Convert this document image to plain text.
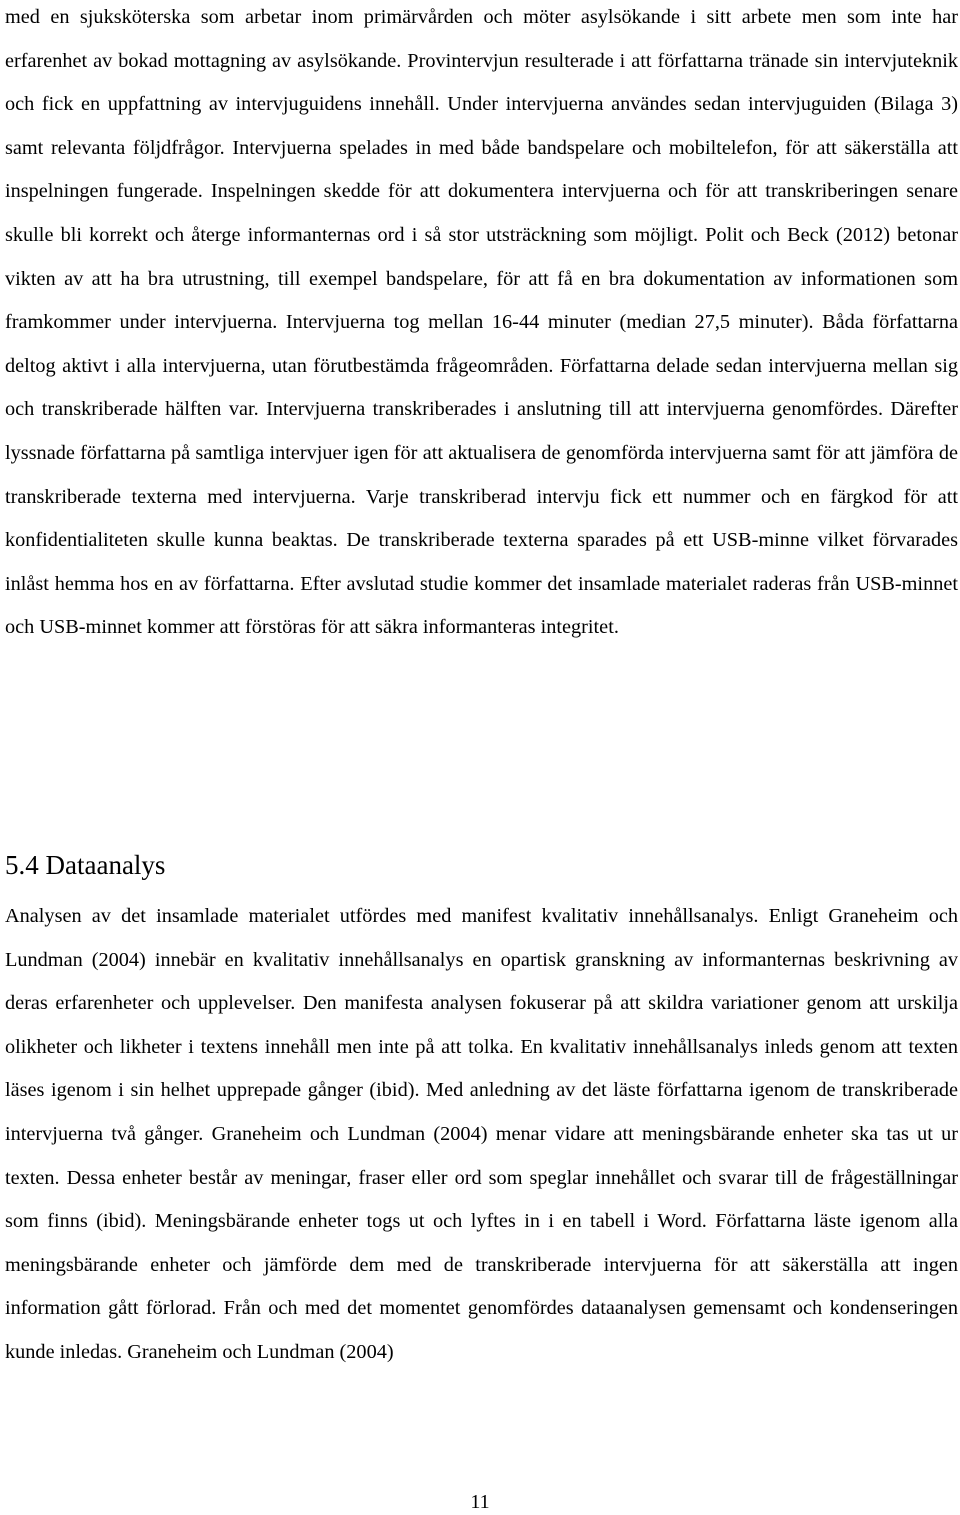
med en sjuksköterska som arbetar inom primärvården och möter asylsökande i sitt arbete men som inte har erfarenhet av bokad mottagning av asylsökande. Provintervjun resulterade i att författarna tränade sin intervjuteknik och fick en uppfattning av intervjuguidens innehåll. Under intervjuerna användes sedan intervjuguiden (Bilaga 3) samt relevanta följdfrågor. Intervjuerna spelades in med både bandspelare och mobiltelefon, för att säkerställa att inspelningen fungerade. Inspelningen skedde för att dokumentera intervjuerna och för att transkriberingen senare skulle bli korrekt och återge informanternas ord i så stor utsträckning som möjligt. Polit och Beck (2012) betonar vikten av att ha bra utrustning, till exempel bandspelare, för att få en bra dokumentation av informationen som framkommer under intervjuerna. Intervjuerna tog mellan 16-44 minuter (median 27,5 minuter). Båda författarna deltog aktivt i alla intervjuerna, utan förutbestämda frågeområden. Författarna delade sedan intervjuerna mellan sig och transkriberade hälften var. Intervjuerna transkriberades i anslutning till att intervjuerna genomfördes. Därefter lyssnade författarna på samtliga intervjuer igen för att aktualisera de genomförda intervjuerna samt för att jämföra de transkriberade texterna med intervjuerna. Varje transkriberad intervju fick ett nummer och en färgkod för att konfidentialiteten skulle kunna beaktas. De transkriberade texterna sparades på ett USB-minne vilket förvarades inlåst hemma hos en av författarna. Efter avslutad studie kommer det insamlade materialet raderas från USB-minnet och USB-minnet kommer att förstöras för att säkra informanteras integritet.

5.4 Dataanalys

Analysen av det insamlade materialet utfördes med manifest kvalitativ innehållsanalys. Enligt Graneheim och Lundman (2004) innebär en kvalitativ innehållsanalys en opartisk granskning av informanternas beskrivning av deras erfarenheter och upplevelser. Den manifesta analysen fokuserar på att skildra variationer genom att urskilja olikheter och likheter i textens innehåll men inte på att tolka. En kvalitativ innehållsanalys inleds genom att texten läses igenom i sin helhet upprepade gånger (ibid). Med anledning av det läste författarna igenom de transkriberade intervjuerna två gånger. Graneheim och Lundman (2004) menar vidare att meningsbärande enheter ska tas ut ur texten. Dessa enheter består av meningar, fraser eller ord som speglar innehållet och svarar till de frågeställningar som finns (ibid). Meningsbärande enheter togs ut och lyftes in i en tabell i Word. Författarna läste igenom alla meningsbärande enheter och jämförde dem med de transkriberade intervjuerna för att säkerställa att ingen information gått förlorad. Från och med det momentet genomfördes dataanalysen gemensamt och kondenseringen kunde inledas. Graneheim och Lundman (2004)

11
